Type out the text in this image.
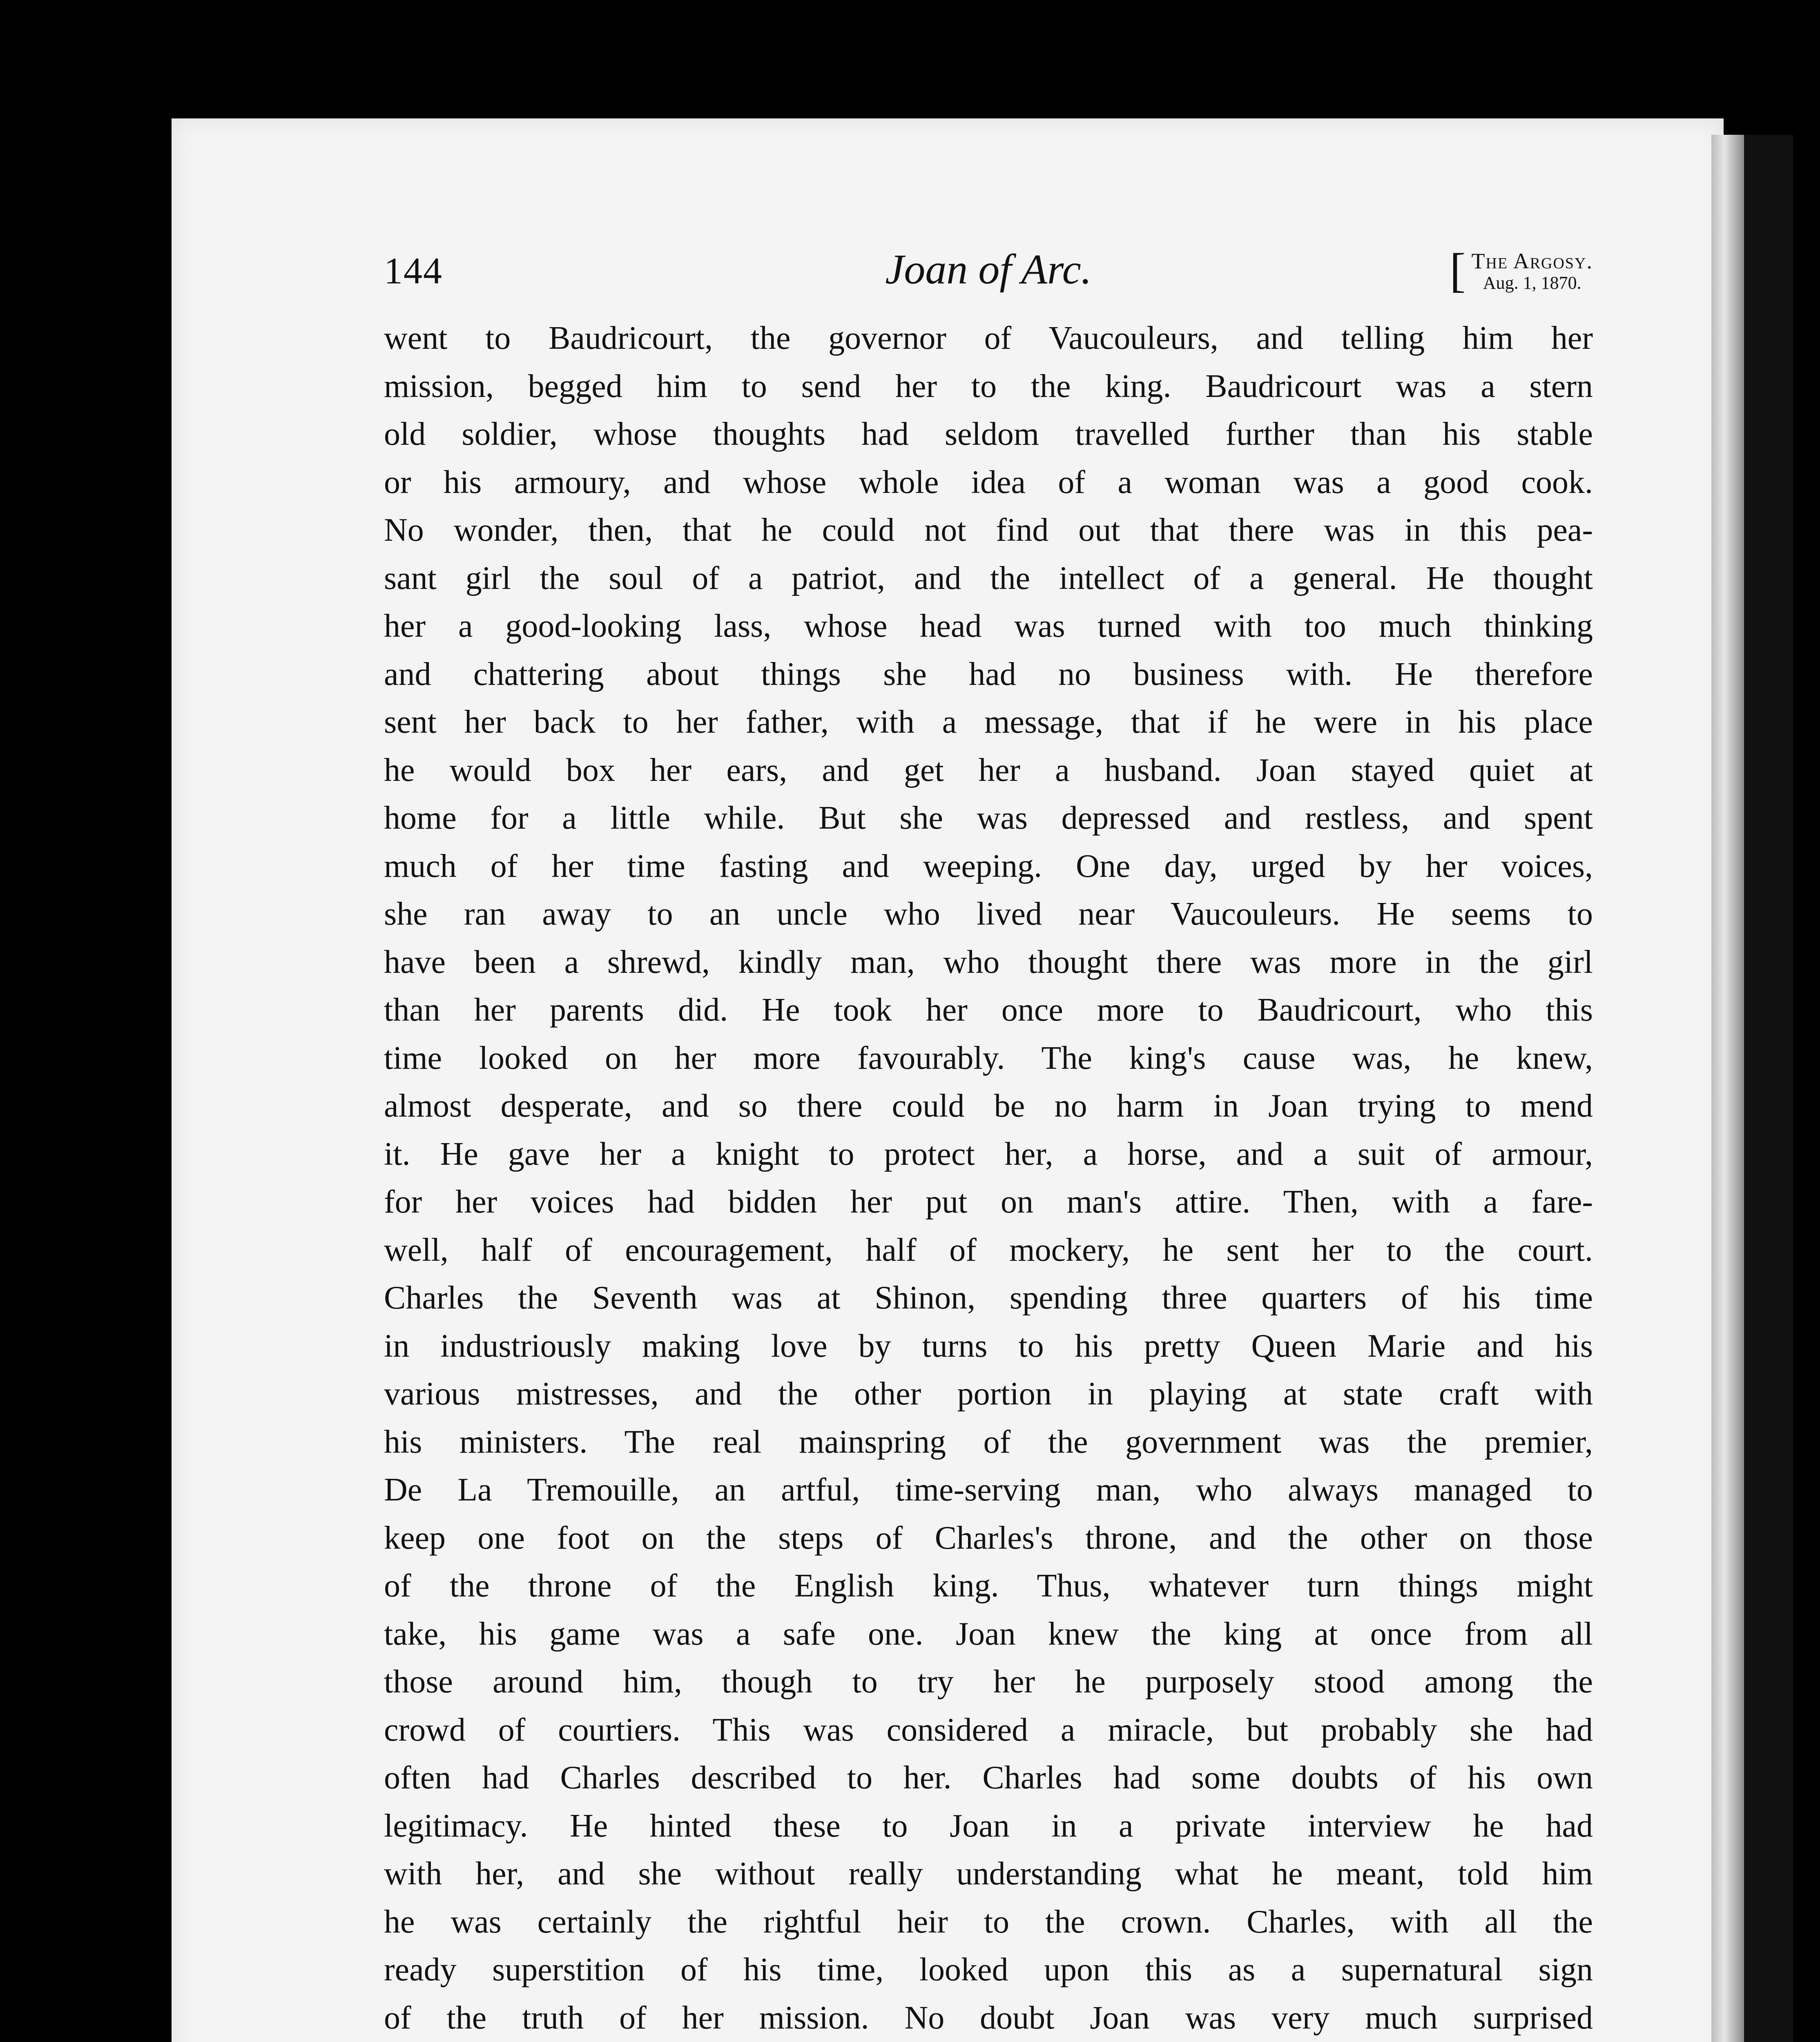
144	Joan of Arc.	[ The Argosy.
Aug. 1, 1870.
went to Baudricourt, the governor of Vaucouleurs, and telling him her
mission, begged him to send her to the king. Baudricourt was a stern
old soldier, whose thoughts had seldom travelled further than his stable
or his armoury, and whose whole idea of a woman was a good cook.
No wonder, then, that he could not find out that there was in this pea-
sant girl the soul of a patriot, and the intellect of a general. He thought
her a good-looking lass, whose head was turned with too much thinking
and chattering about things she had no business with. He therefore
sent her back to her father, with a message, that if he were in his place
he would box her ears, and get her a husband. Joan stayed quiet at
home for a little while. But she was depressed and restless, and spent
much of her time fasting and weeping. One day, urged by her voices,
she ran away to an uncle who lived near Vaucouleurs. He seems to
have been a shrewd, kindly man, who thought there was more in the girl
than her parents did. He took her once more to Baudricourt, who this
time looked on her more favourably. The king's cause was, he knew,
almost desperate, and so there could be no harm in Joan trying to mend
it. He gave her a knight to protect her, a horse, and a suit of armour,
for her voices had bidden her put on man's attire. Then, with a fare-
well, half of encouragement, half of mockery, he sent her to the court.
Charles the Seventh was at Shinon, spending three quarters of his time
in industriously making love by turns to his pretty Queen Marie and his
various mistresses, and the other portion in playing at state craft with
his ministers. The real mainspring of the government was the premier,
De La Tremouille, an artful, time-serving man, who always managed to
keep one foot on the steps of Charles's throne, and the other on those
of the throne of the English king. Thus, whatever turn things might
take, his game was a safe one. Joan knew the king at once from all
those around him, though to try her he purposely stood among the
crowd of courtiers. This was considered a miracle, but probably she had
often had Charles described to her. Charles had some doubts of his own
legitimacy. He hinted these to Joan in a private interview he had
with her, and she without really understanding what he meant, told him
he was certainly the rightful heir to the crown. Charles, with all the
ready superstition of his time, looked upon this as a supernatural sign
of the truth of her mission. No doubt Joan was very much surprised
